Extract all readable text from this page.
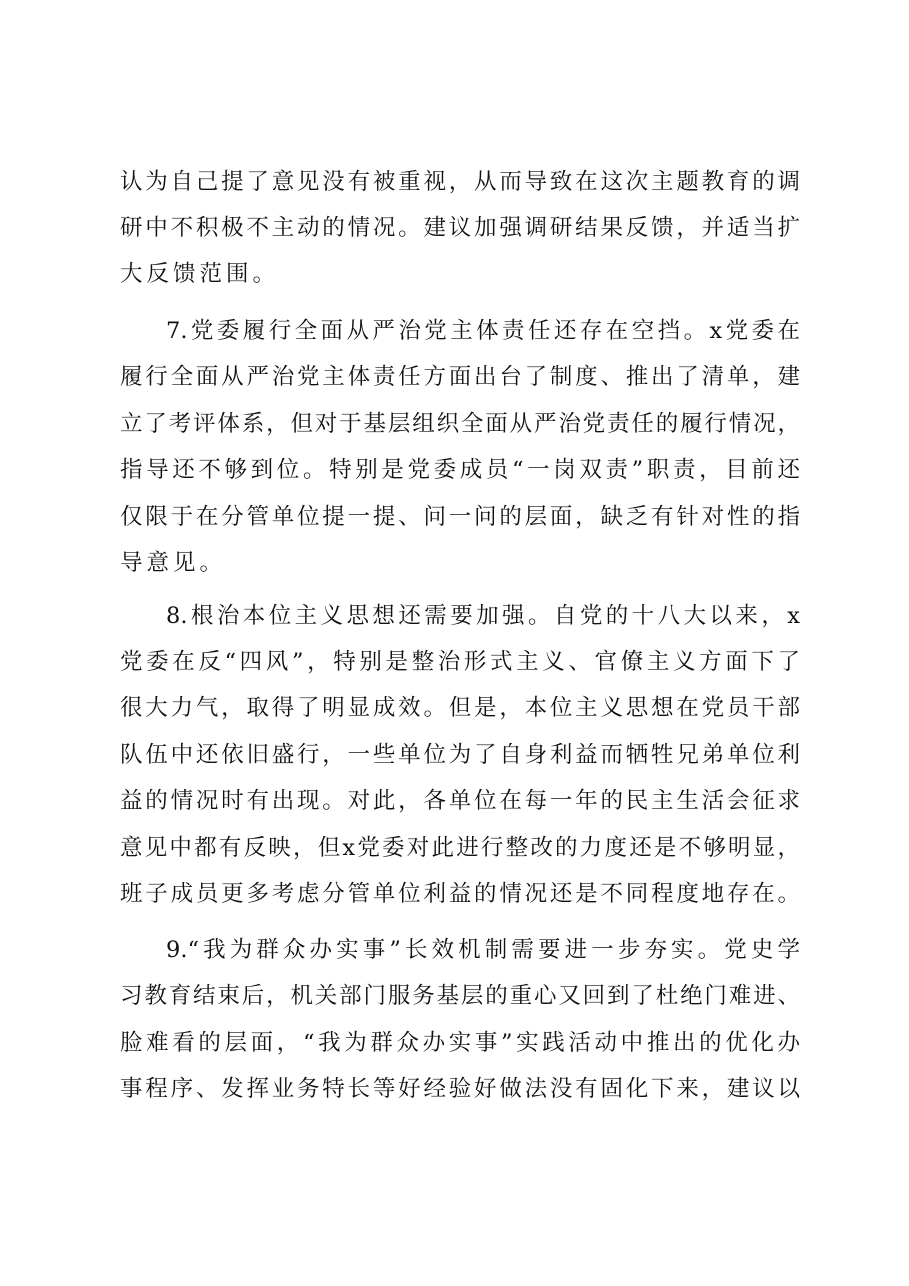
认为自己提了意见没有被重视，从而导致在这次主题教育的调
研中不积极不主动的情况。建议加强调研结果反馈，并适当扩
大反馈范围。
7.党委履行全面从严治党主体责任还存在空挡。x党委在
履行全面从严治党主体责任方面出台了制度、推出了清单，建
立了考评体系，但对于基层组织全面从严治党责任的履行情况，
指导还不够到位。特别是党委成员“一岗双责”职责，目前还
仅限于在分管单位提一提、问一问的层面，缺乏有针对性的指
导意见。
8.根治本位主义思想还需要加强。自党的十八大以来，x
党委在反“四风”，特别是整治形式主义、官僚主义方面下了
很大力气，取得了明显成效。但是，本位主义思想在党员干部
队伍中还依旧盛行，一些单位为了自身利益而牺牲兄弟单位利
益的情况时有出现。对此，各单位在每一年的民主生活会征求
意见中都有反映，但x党委对此进行整改的力度还是不够明显，
班子成员更多考虑分管单位利益的情况还是不同程度地存在。
9.“我为群众办实事”长效机制需要进一步夯实。党史学
习教育结束后，机关部门服务基层的重心又回到了杜绝门难进、
脸难看的层面，“我为群众办实事”实践活动中推出的优化办
事程序、发挥业务特长等好经验好做法没有固化下来，建议以
